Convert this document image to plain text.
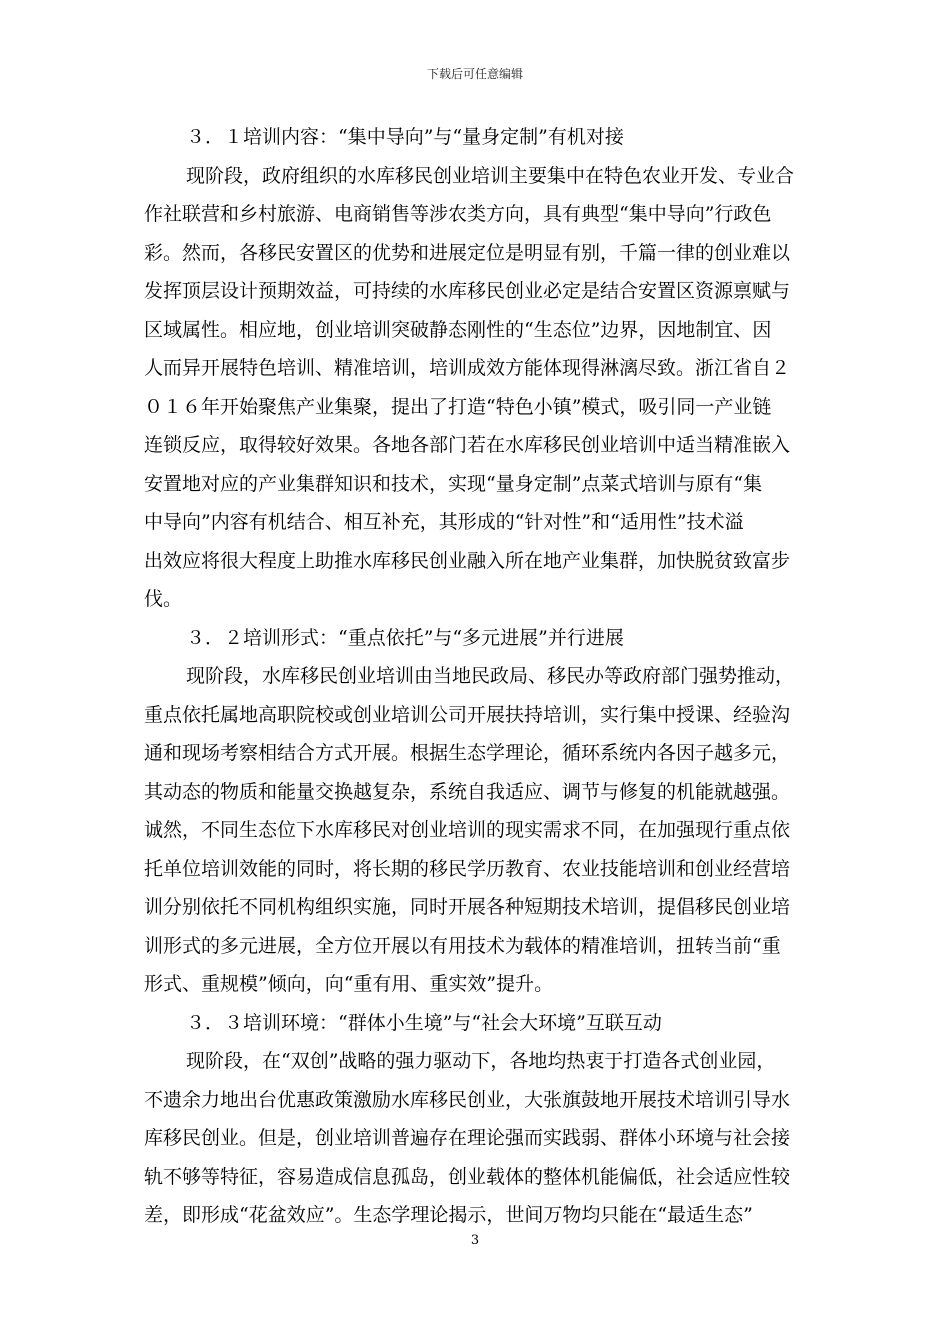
下载后可任意编辑
３．１培训内容：“集中导向”与“量身定制”有机对接
现阶段，政府组织的水库移民创业培训主要集中在特色农业开发、专业合
作社联营和乡村旅游、电商销售等涉农类方向，具有典型“集中导向”行政色
彩。然而，各移民安置区的优势和进展定位是明显有别，千篇一律的创业难以
发挥顶层设计预期效益，可持续的水库移民创业必定是结合安置区资源禀赋与
区域属性。相应地，创业培训突破静态刚性的“生态位”边界，因地制宜、因
人而异开展特色培训、精准培训，培训成效方能体现得淋漓尽致。浙江省自２
０１６年开始聚焦产业集聚，提出了打造“特色小镇”模式，吸引同一产业链
连锁反应，取得较好效果。各地各部门若在水库移民创业培训中适当精准嵌入
安置地对应的产业集群知识和技术，实现“量身定制”点菜式培训与原有“集
中导向”内容有机结合、相互补充，其形成的“针对性”和“适用性”技术溢
出效应将很大程度上助推水库移民创业融入所在地产业集群，加快脱贫致富步
伐。
３．２培训形式：“重点依托”与“多元进展”并行进展
现阶段，水库移民创业培训由当地民政局、移民办等政府部门强势推动，
重点依托属地高职院校或创业培训公司开展扶持培训，实行集中授课、经验沟
通和现场考察相结合方式开展。根据生态学理论，循环系统内各因子越多元，
其动态的物质和能量交换越复杂，系统自我适应、调节与修复的机能就越强。
诚然，不同生态位下水库移民对创业培训的现实需求不同，在加强现行重点依
托单位培训效能的同时，将长期的移民学历教育、农业技能培训和创业经营培
训分别依托不同机构组织实施，同时开展各种短期技术培训，提倡移民创业培
训形式的多元进展，全方位开展以有用技术为载体的精准培训，扭转当前“重
形式、重规模”倾向，向“重有用、重实效”提升。
３．３培训环境：“群体小生境”与“社会大环境”互联互动
现阶段，在“双创”战略的强力驱动下，各地均热衷于打造各式创业园，
不遗余力地出台优惠政策激励水库移民创业，大张旗鼓地开展技术培训引导水
库移民创业。但是，创业培训普遍存在理论强而实践弱、群体小环境与社会接
轨不够等特征，容易造成信息孤岛，创业载体的整体机能偏低，社会适应性较
差，即形成“花盆效应”。生态学理论揭示，世间万物均只能在“最适生态”
3
